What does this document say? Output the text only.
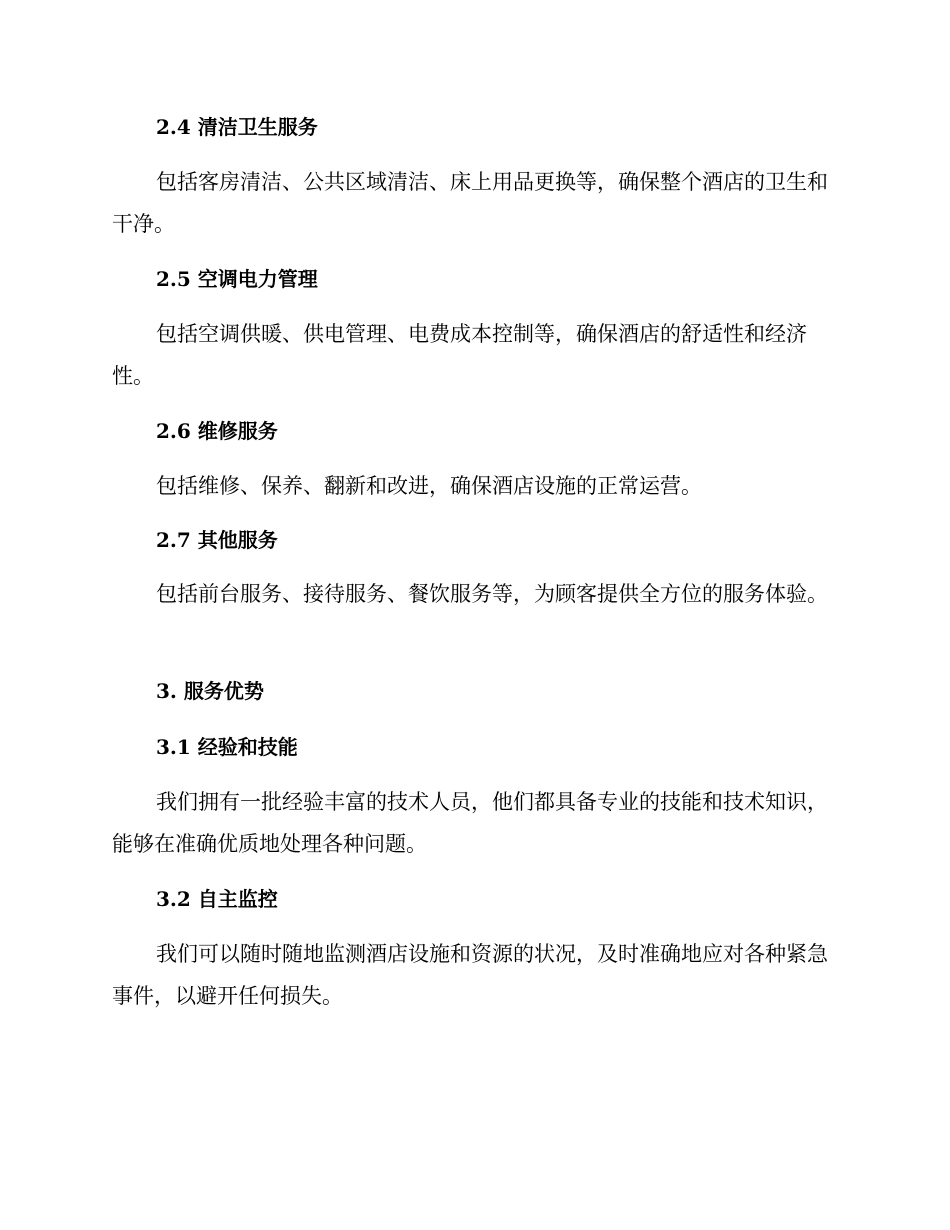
2.4 清洁卫生服务

包括客房清洁、公共区域清洁、床上用品更换等，确保整个酒店的卫生和干净。

2.5 空调电力管理

包括空调供暖、供电管理、电费成本控制等，确保酒店的舒适性和经济性。

2.6 维修服务

包括维修、保养、翻新和改进，确保酒店设施的正常运营。

2.7 其他服务

包括前台服务、接待服务、餐饮服务等，为顾客提供全方位的服务体验。

3. 服务优势
3.1 经验和技能

我们拥有一批经验丰富的技术人员，他们都具备专业的技能和技术知识，能够在准确优质地处理各种问题。

3.2 自主监控

我们可以随时随地监测酒店设施和资源的状况，及时准确地应对各种紧急事件，以避开任何损失。
